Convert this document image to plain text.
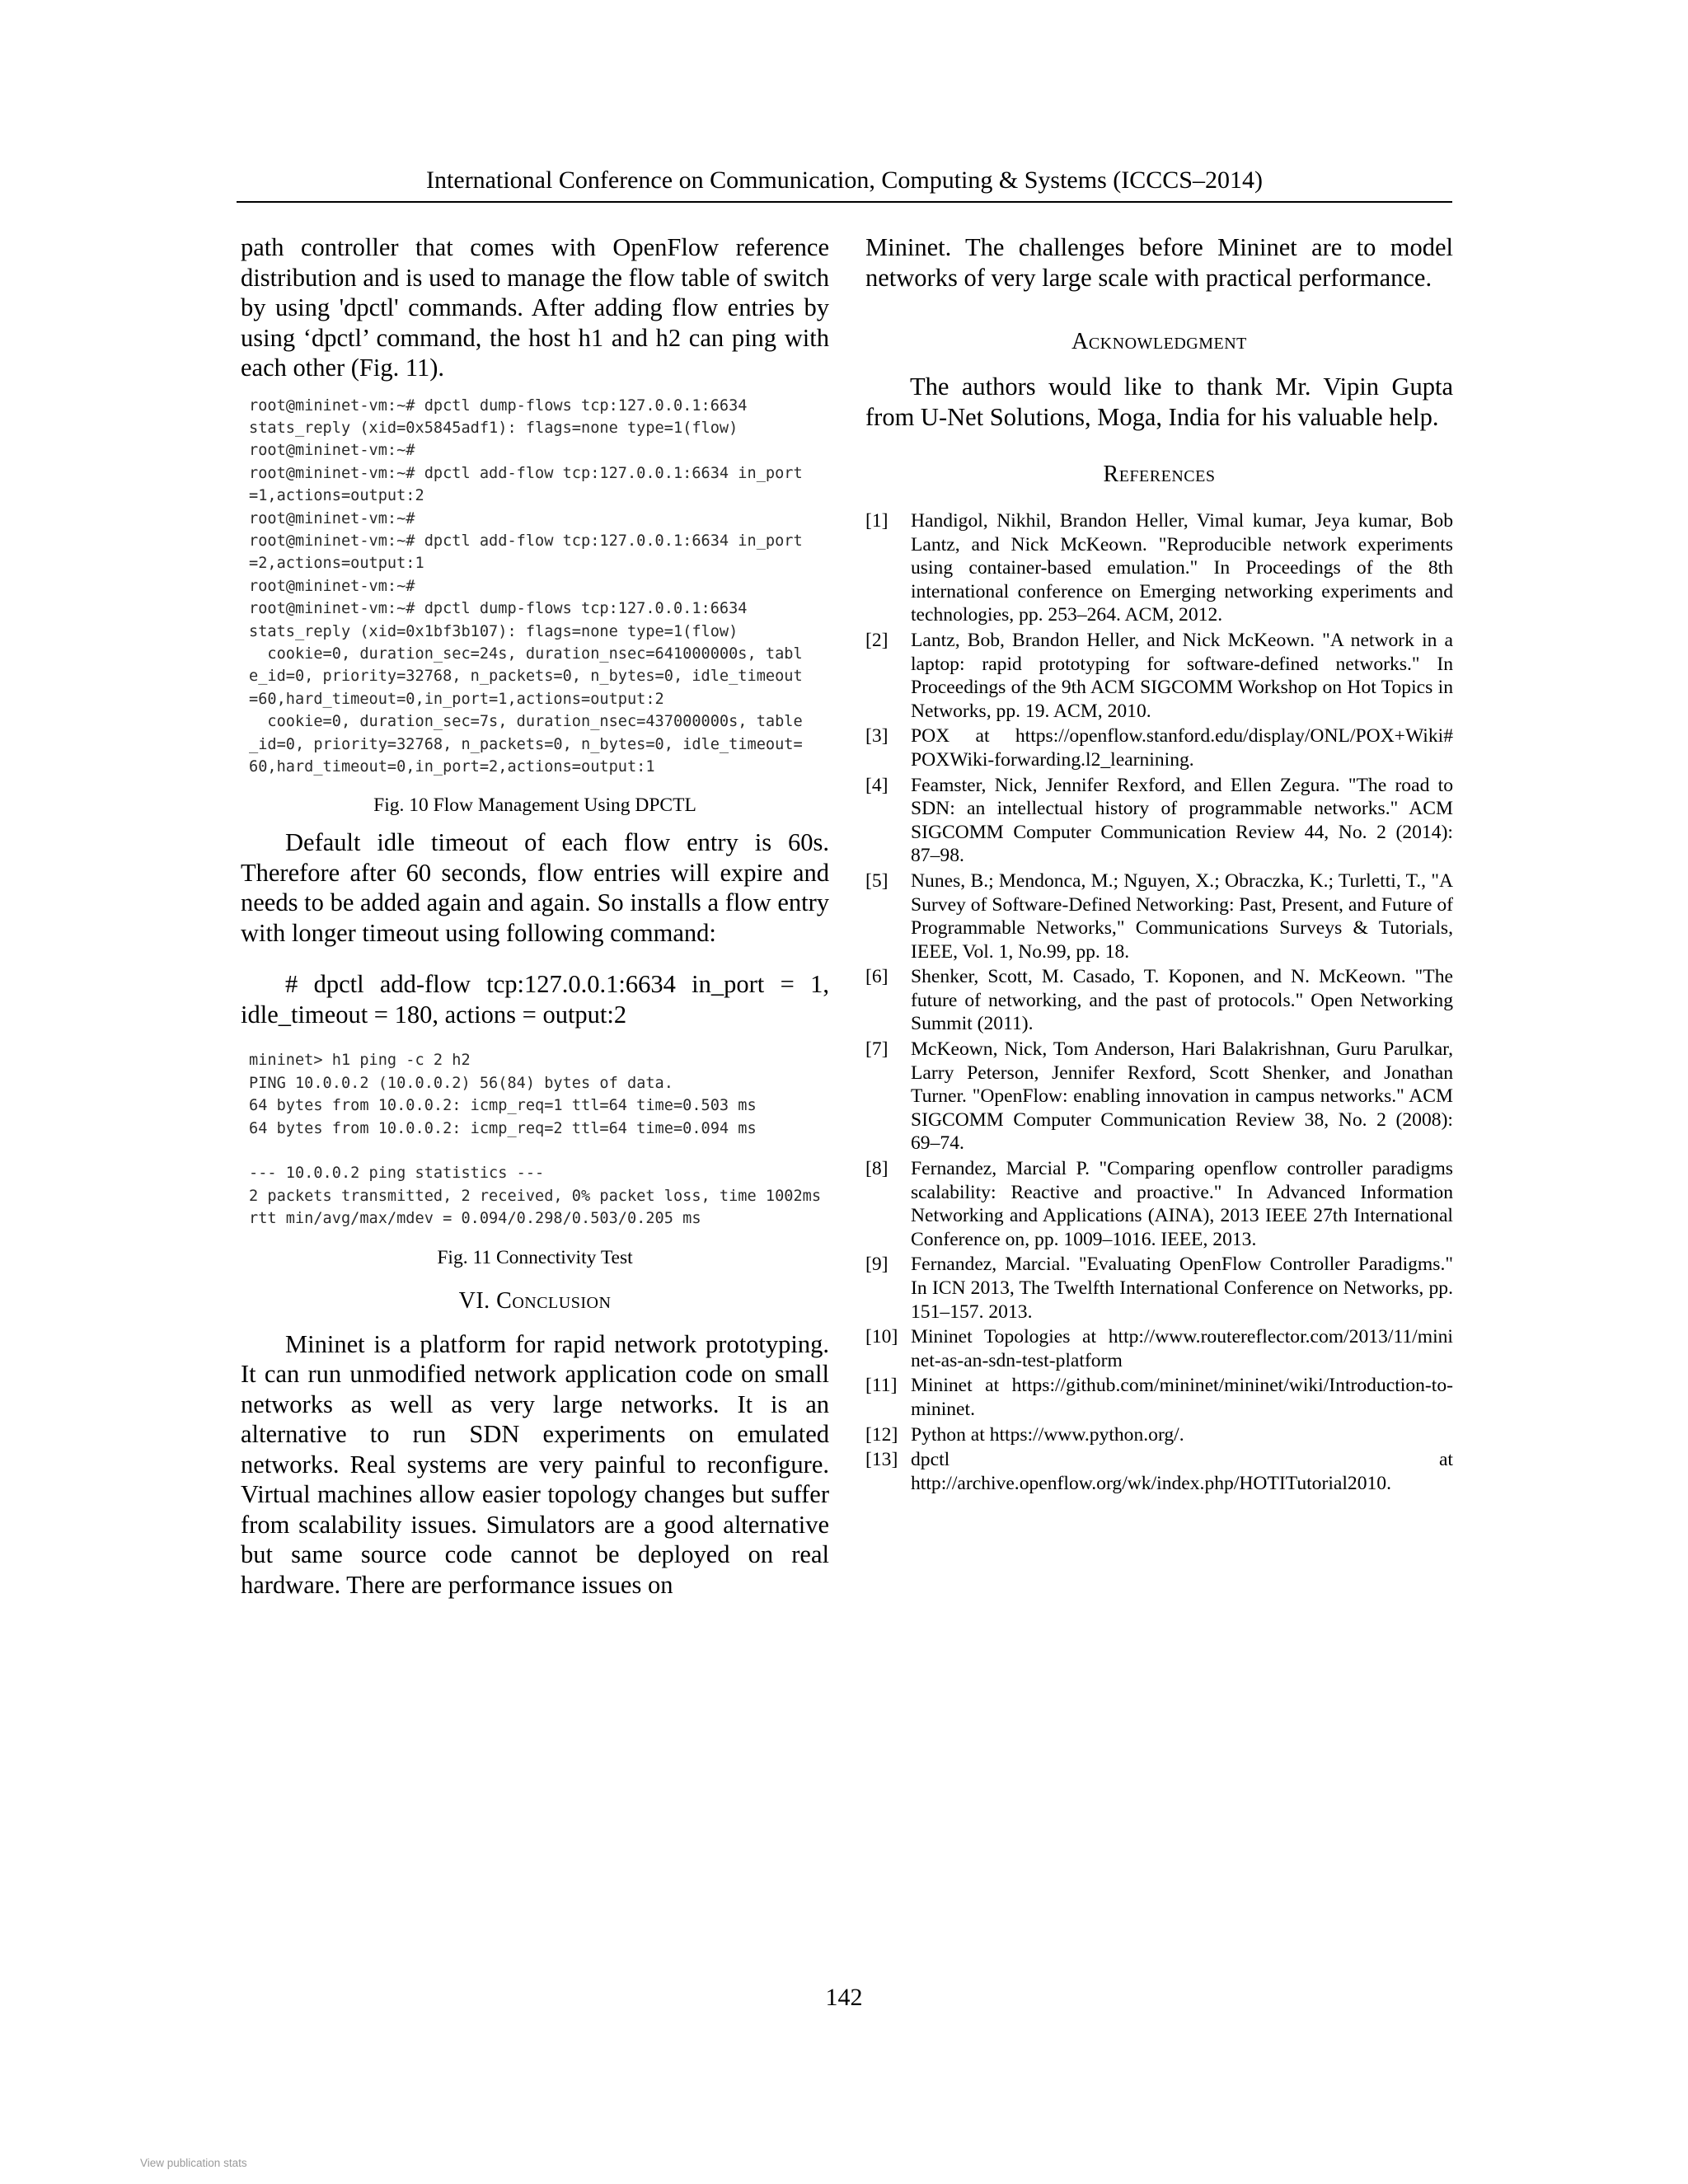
International Conference on Communication, Computing & Systems (ICCCS–2014)

path controller that comes with OpenFlow reference distribution and is used to manage the flow table of switch by using 'dpctl' commands. After adding flow entries by using ‘dpctl’ command, the host h1 and h2 can ping with each other (Fig. 11).

root@mininet-vm:~# dpctl dump-flows tcp:127.0.0.1:6634
stats_reply (xid=0x5845adf1): flags=none type=1(flow)
root@mininet-vm:~#
root@mininet-vm:~# dpctl add-flow tcp:127.0.0.1:6634 in_port
=1,actions=output:2
root@mininet-vm:~#
root@mininet-vm:~# dpctl add-flow tcp:127.0.0.1:6634 in_port
=2,actions=output:1
root@mininet-vm:~#
root@mininet-vm:~# dpctl dump-flows tcp:127.0.0.1:6634
stats_reply (xid=0x1bf3b107): flags=none type=1(flow)
cookie=0, duration_sec=24s, duration_nsec=641000000s, tabl
e_id=0, priority=32768, n_packets=0, n_bytes=0, idle_timeout
=60,hard_timeout=0,in_port=1,actions=output:2
cookie=0, duration_sec=7s, duration_nsec=437000000s, table
_id=0, priority=32768, n_packets=0, n_bytes=0, idle_timeout=
60,hard_timeout=0,in_port=2,actions=output:1

Fig. 10 Flow Management Using DPCTL

Default idle timeout of each flow entry is 60s. Therefore after 60 seconds, flow entries will expire and needs to be added again and again. So installs a flow entry with longer timeout using following command:

# dpctl add-flow tcp:127.0.0.1:6634 in_port = 1, idle_timeout = 180, actions = output:2

mininet> h1 ping -c 2 h2
PING 10.0.0.2 (10.0.0.2) 56(84) bytes of data.
64 bytes from 10.0.0.2: icmp_req=1 ttl=64 time=0.503 ms
64 bytes from 10.0.0.2: icmp_req=2 ttl=64 time=0.094 ms

--- 10.0.0.2 ping statistics ---
2 packets transmitted, 2 received, 0% packet loss, time 1002ms
rtt min/avg/max/mdev = 0.094/0.298/0.503/0.205 ms

Fig. 11 Connectivity Test

VI. Conclusion

Mininet is a platform for rapid network prototyping. It can run unmodified network application code on small networks as well as very large networks. It is an alternative to run SDN experiments on emulated networks. Real systems are very painful to reconfigure. Virtual machines allow easier topology changes but suffer from scalability issues. Simulators are a good alternative but same source code cannot be deployed on real hardware. There are performance issues on

Mininet. The challenges before Mininet are to model networks of very large scale with practical performance.

Acknowledgment

The authors would like to thank Mr. Vipin Gupta from U-Net Solutions, Moga, India for his valuable help.

References

[1]	Handigol, Nikhil, Brandon Heller, Vimal kumar, Jeya kumar, Bob Lantz, and Nick McKeown. "Reproducible network experiments using container-based emulation." In Proceedings of the 8th international conference on Emerging networking experiments and technologies, pp. 253–264. ACM, 2012.
[2]	Lantz, Bob, Brandon Heller, and Nick McKeown. "A network in a laptop: rapid prototyping for software-defined networks." In Proceedings of the 9th ACM SIGCOMM Workshop on Hot Topics in Networks, pp. 19. ACM, 2010.
[3]	POX at https://openflow.stanford.edu/display/ONL/POX+Wiki# POXWiki-forwarding.l2_learnining.
[4]	Feamster, Nick, Jennifer Rexford, and Ellen Zegura. "The road to SDN: an intellectual history of programmable networks." ACM SIGCOMM Computer Communication Review 44, No. 2 (2014): 87–98.
[5]	Nunes, B.; Mendonca, M.; Nguyen, X.; Obraczka, K.; Turletti, T., "A Survey of Software-Defined Networking: Past, Present, and Future of Programmable Networks," Communications Surveys & Tutorials, IEEE, Vol. 1, No.99, pp. 18.
[6]	Shenker, Scott, M. Casado, T. Koponen, and N. McKeown. "The future of networking, and the past of protocols." Open Networking Summit (2011).
[7]	McKeown, Nick, Tom Anderson, Hari Balakrishnan, Guru Parulkar, Larry Peterson, Jennifer Rexford, Scott Shenker, and Jonathan Turner. "OpenFlow: enabling innovation in campus networks." ACM SIGCOMM Computer Communication Review 38, No. 2 (2008): 69–74.
[8]	Fernandez, Marcial P. "Comparing openflow controller paradigms scalability: Reactive and proactive." In Advanced Information Networking and Applications (AINA), 2013 IEEE 27th International Conference on, pp. 1009–1016. IEEE, 2013.
[9]	Fernandez, Marcial. "Evaluating OpenFlow Controller Paradigms." In ICN 2013, The Twelfth International Conference on Networks, pp. 151–157. 2013.
[10] Mininet Topologies at http://www.routereflector.com/2013/11/mini net-as-an-sdn-test-platform
[11] Mininet at https://github.com/mininet/mininet/wiki/Introduction-to-mininet.
[12] Python at https://www.python.org/.
[13] dpctl at http://archive.openflow.org/wk/index.php/HOTITutorial2010.
142
View publication stats
